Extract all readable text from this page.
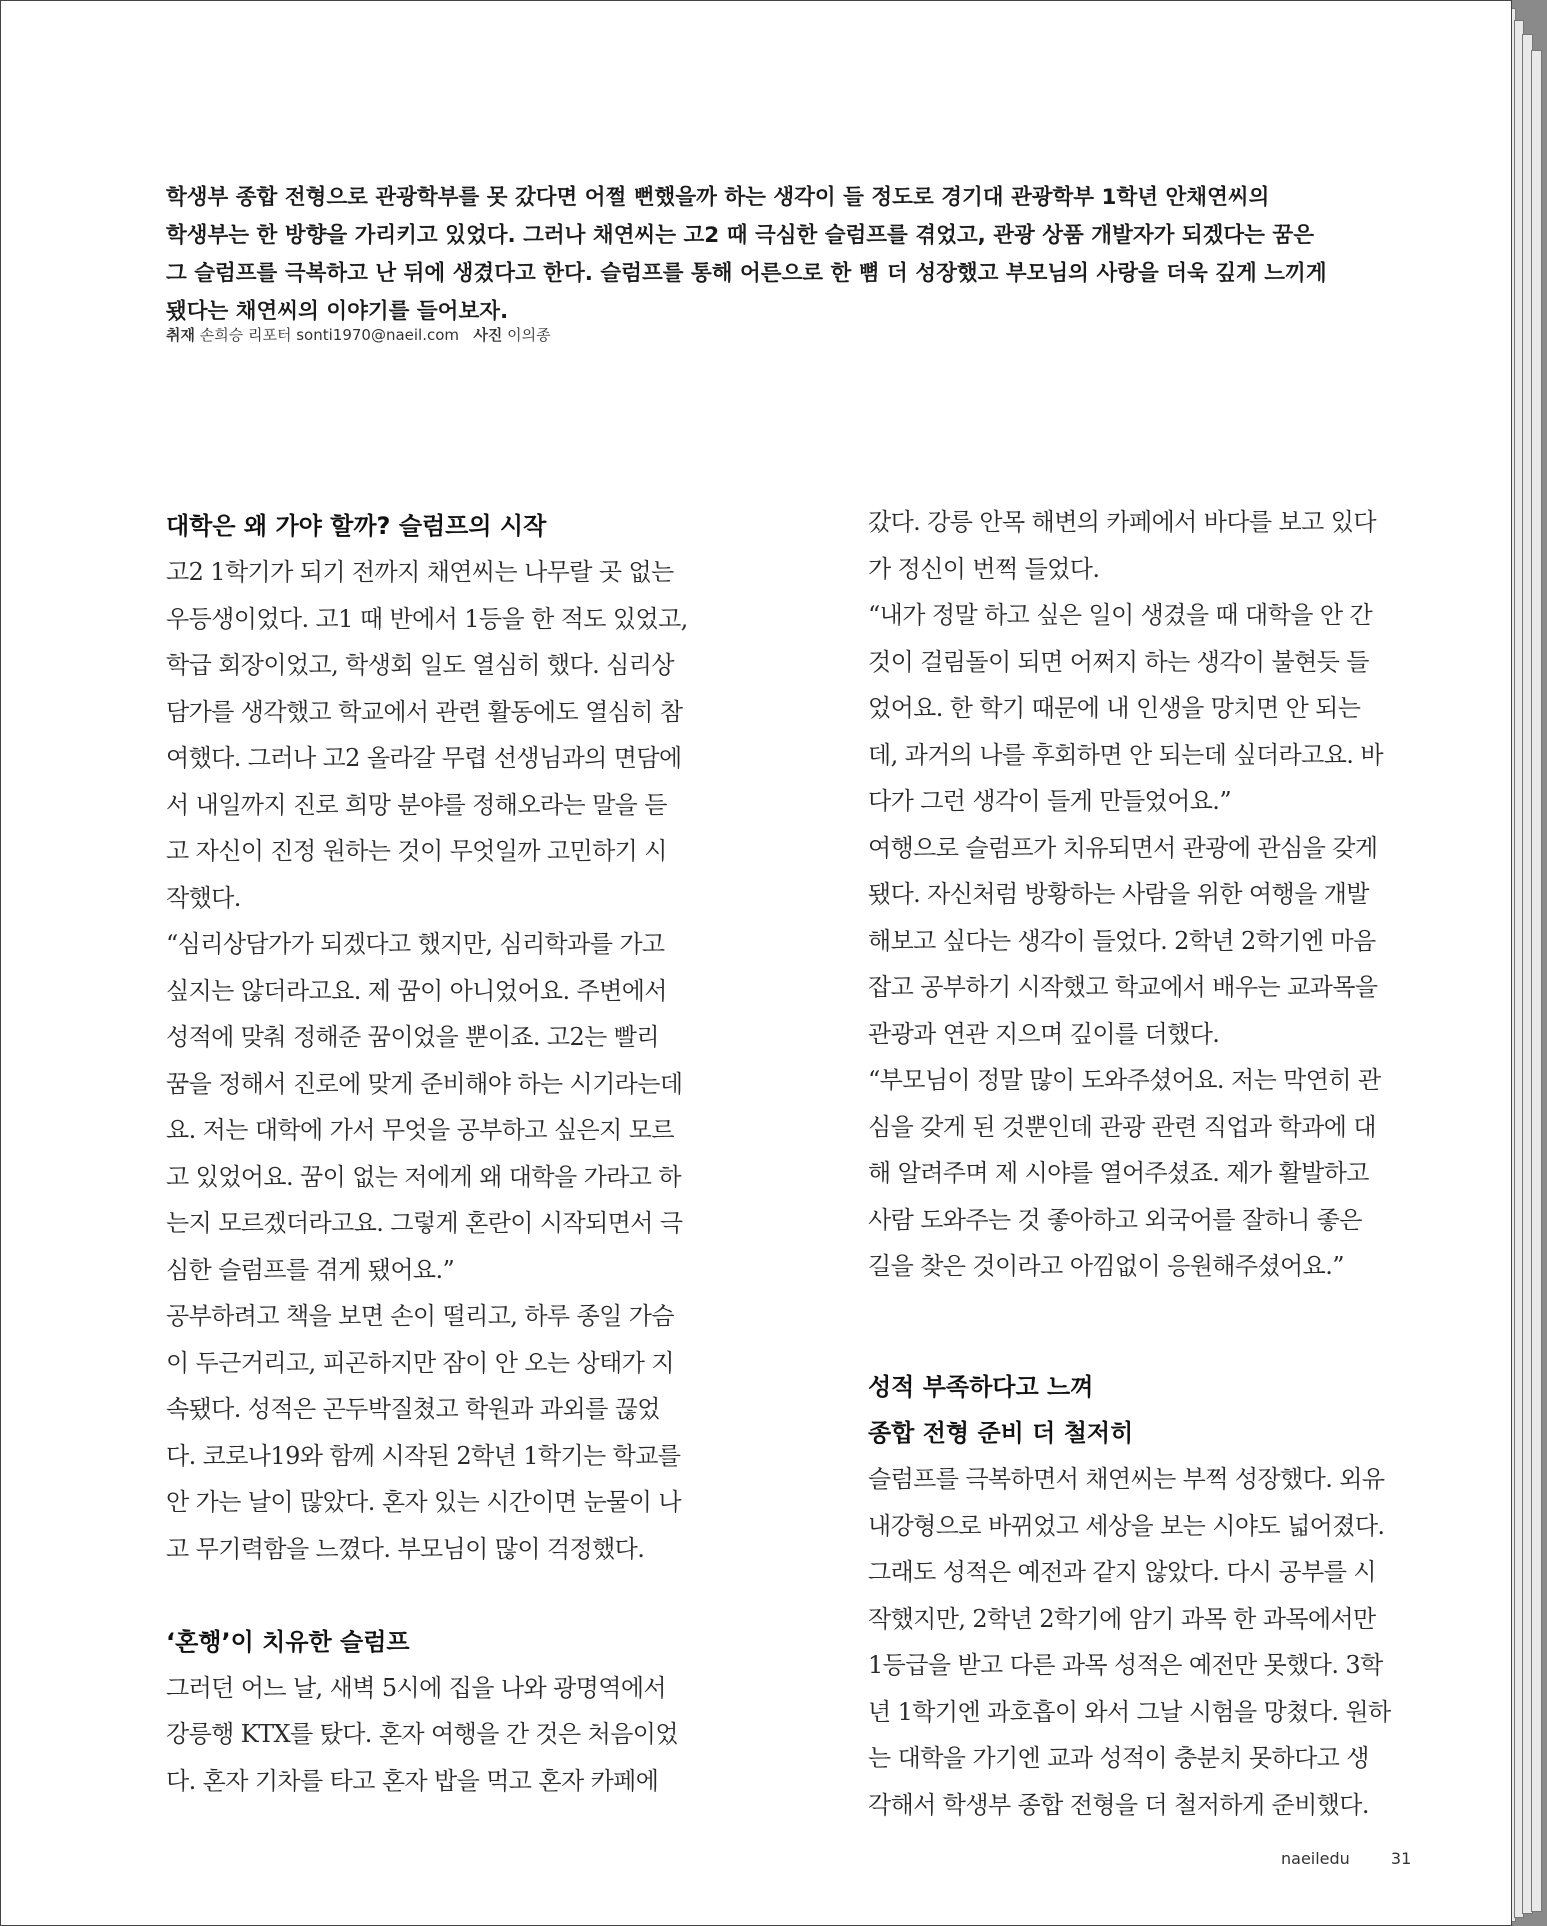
학생부 종합 전형으로 관광학부를 못 갔다면 어쩔 뻔했을까 하는 생각이 들 정도로 경기대 관광학부 1학년 안채연씨의

학생부는 한 방향을 가리키고 있었다. 그러나 채연씨는 고2 때 극심한 슬럼프를 겪었고, 관광 상품 개발자가 되겠다는 꿈은

그 슬럼프를 극복하고 난 뒤에 생겼다고 한다. 슬럼프를 통해 어른으로 한 뼘 더 성장했고 부모님의 사랑을 더욱 깊게 느끼게

됐다는 채연씨의 이야기를 들어보자.

취재 손희승 리포터 sonti1970@naeil.com 사진 이의종
대학은 왜 가야 할까? 슬럼프의 시작
고2 1학기가 되기 전까지 채연씨는 나무랄 곳 없는
우등생이었다. 고1 때 반에서 1등을 한 적도 있었고,
학급 회장이었고, 학생회 일도 열심히 했다. 심리상
담가를 생각했고 학교에서 관련 활동에도 열심히 참
여했다. 그러나 고2 올라갈 무렵 선생님과의 면담에
서 내일까지 진로 희망 분야를 정해오라는 말을 듣
고 자신이 진정 원하는 것이 무엇일까 고민하기 시
작했다.
“심리상담가가 되겠다고 했지만, 심리학과를 가고
싶지는 않더라고요. 제 꿈이 아니었어요. 주변에서
성적에 맞춰 정해준 꿈이었을 뿐이죠. 고2는 빨리
꿈을 정해서 진로에 맞게 준비해야 하는 시기라는데
요. 저는 대학에 가서 무엇을 공부하고 싶은지 모르
고 있었어요. 꿈이 없는 저에게 왜 대학을 가라고 하
는지 모르겠더라고요. 그렇게 혼란이 시작되면서 극
심한 슬럼프를 겪게 됐어요.”
공부하려고 책을 보면 손이 떨리고, 하루 종일 가슴
이 두근거리고, 피곤하지만 잠이 안 오는 상태가 지
속됐다. 성적은 곤두박질쳤고 학원과 과외를 끊었
다. 코로나19와 함께 시작된 2학년 1학기는 학교를
안 가는 날이 많았다. 혼자 있는 시간이면 눈물이 나
고 무기력함을 느꼈다. 부모님이 많이 걱정했다.
‘혼행’이 치유한 슬럼프
그러던 어느 날, 새벽 5시에 집을 나와 광명역에서
강릉행 KTX를 탔다. 혼자 여행을 간 것은 처음이었
다. 혼자 기차를 타고 혼자 밥을 먹고 혼자 카페에
갔다. 강릉 안목 해변의 카페에서 바다를 보고 있다
가 정신이 번쩍 들었다.
“내가 정말 하고 싶은 일이 생겼을 때 대학을 안 간
것이 걸림돌이 되면 어쩌지 하는 생각이 불현듯 들
었어요. 한 학기 때문에 내 인생을 망치면 안 되는
데, 과거의 나를 후회하면 안 되는데 싶더라고요. 바
다가 그런 생각이 들게 만들었어요.”
여행으로 슬럼프가 치유되면서 관광에 관심을 갖게
됐다. 자신처럼 방황하는 사람을 위한 여행을 개발
해보고 싶다는 생각이 들었다. 2학년 2학기엔 마음
잡고 공부하기 시작했고 학교에서 배우는 교과목을
관광과 연관 지으며 깊이를 더했다.
“부모님이 정말 많이 도와주셨어요. 저는 막연히 관
심을 갖게 된 것뿐인데 관광 관련 직업과 학과에 대
해 알려주며 제 시야를 열어주셨죠. 제가 활발하고
사람 도와주는 것 좋아하고 외국어를 잘하니 좋은
길을 찾은 것이라고 아낌없이 응원해주셨어요.”
성적 부족하다고 느껴
종합 전형 준비 더 철저히
슬럼프를 극복하면서 채연씨는 부쩍 성장했다. 외유
내강형으로 바뀌었고 세상을 보는 시야도 넓어졌다.
그래도 성적은 예전과 같지 않았다. 다시 공부를 시
작했지만, 2학년 2학기에 암기 과목 한 과목에서만
1등급을 받고 다른 과목 성적은 예전만 못했다. 3학
년 1학기엔 과호흡이 와서 그날 시험을 망쳤다. 원하
는 대학을 가기엔 교과 성적이 충분치 못하다고 생
각해서 학생부 종합 전형을 더 철저하게 준비했다.
naeiledu	31
